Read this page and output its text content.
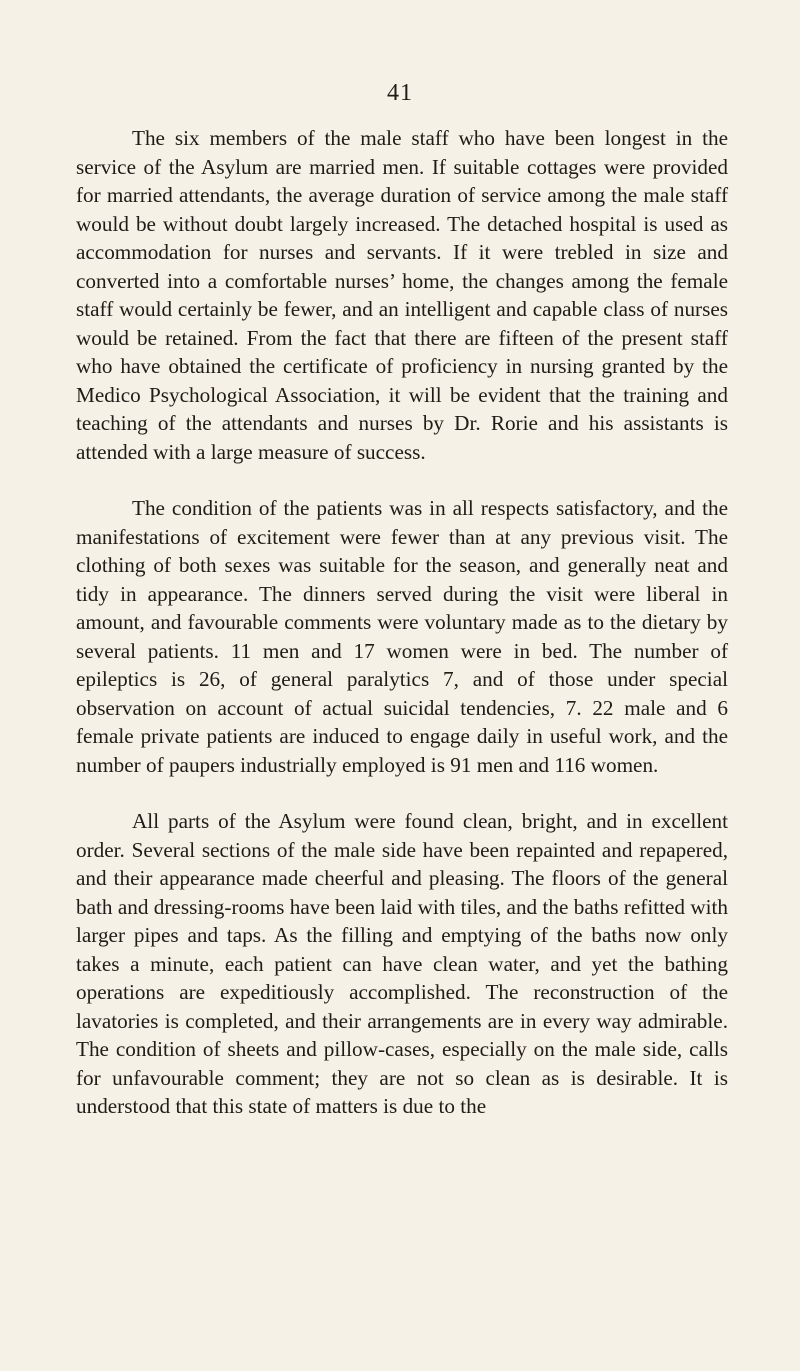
41

The six members of the male staff who have been longest in the service of the Asylum are married men. If suitable cottages were provided for married attendants, the average duration of service among the male staff would be without doubt largely increased. The detached hospital is used as accommodation for nurses and servants. If it were trebled in size and converted into a comfortable nurses’ home, the changes among the female staff would certainly be fewer, and an intelligent and capable class of nurses would be retained. From the fact that there are fifteen of the present staff who have obtained the certificate of proficiency in nursing granted by the Medico Psychological Association, it will be evident that the training and teaching of the attendants and nurses by Dr. Rorie and his assistants is attended with a large measure of success.

The condition of the patients was in all respects satisfactory, and the manifestations of excitement were fewer than at any previous visit. The clothing of both sexes was suitable for the season, and generally neat and tidy in appearance. The dinners served during the visit were liberal in amount, and favourable comments were voluntary made as to the dietary by several patients. 11 men and 17 women were in bed. The number of epileptics is 26, of general paralytics 7, and of those under special observation on account of actual suicidal tendencies, 7. 22 male and 6 female private patients are induced to engage daily in useful work, and the number of paupers industrially employed is 91 men and 116 women.

All parts of the Asylum were found clean, bright, and in excellent order. Several sections of the male side have been repainted and repapered, and their appearance made cheerful and pleasing. The floors of the general bath and dressing-rooms have been laid with tiles, and the baths refitted with larger pipes and taps. As the filling and emptying of the baths now only takes a minute, each patient can have clean water, and yet the bathing operations are expeditiously accomplished. The reconstruction of the lavatories is completed, and their arrangements are in every way admirable. The condition of sheets and pillow-cases, especially on the male side, calls for unfavourable comment; they are not so clean as is desirable. It is understood that this state of matters is due to the
